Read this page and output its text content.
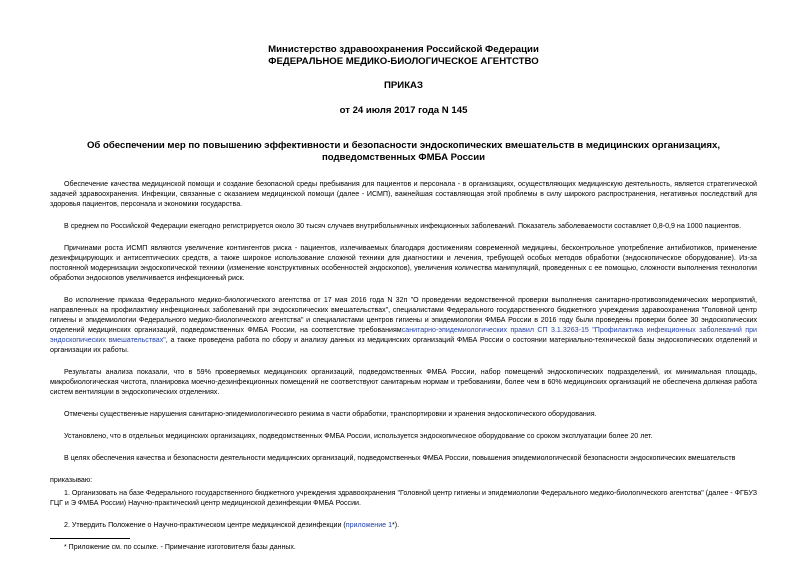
Министерство здравоохранения Российской Федерации
ФЕДЕРАЛЬНОЕ МЕДИКО-БИОЛОГИЧЕСКОЕ АГЕНТСТВО
ПРИКАЗ
от 24 июля 2017 года N 145
Об обеспечении мер по повышению эффективности и безопасности эндоскопических вмешательств в медицинских организациях, подведомственных ФМБА России

Обеспечение качества медицинской помощи и создание безопасной среды пребывания для пациентов и персонала - в организациях, осуществляющих медицинскую деятельность, является стратегической задачей здравоохранения. Инфекции, связанные с оказанием медицинской помощи (далее - ИСМП), важнейшая составляющая этой проблемы в силу широкого распространения, негативных последствий для здоровья пациентов, персонала и экономики государства.

В среднем по Российской Федерации ежегодно регистрируется около 30 тысяч случаев внутрибольничных инфекционных заболеваний. Показатель заболеваемости составляет 0,8-0,9 на 1000 пациентов.

Причинами роста ИСМП являются увеличение контингентов риска - пациентов, излечиваемых благодаря достижениям современной медицины, бесконтрольное употребление антибиотиков, применение дезинфицирующих и антисептических средств, а также широкое использование сложной техники для диагностики и лечения, требующей особых методов обработки (эндоскопическое оборудование). Из-за постоянной модернизации эндоскопической техники (изменение конструктивных особенностей эндоскопов), увеличения количества манипуляций, проведенных с ее помощью, сложности выполнения технологии обработки эндоскопов увеличивается инфекционный риск.

Во исполнение приказа Федерального медико-биологического агентства от 17 мая 2016 года N 32п "О проведении ведомственной проверки выполнения санитарно-противоэпидемических мероприятий, направленных на профилактику инфекционных заболеваний при эндоскопических вмешательствах", специалистами Федерального государственного бюджетного учреждения здравоохранения "Головной центр гигиены и эпидемиологии Федерального медико-биологического агентства" и специалистами центров гигиены и эпидемиологии ФМБА России в 2016 году были проведены проверки более 30 эндоскопических отделений медицинских организаций, подведомственных ФМБА России, на соответствие требованиямсанитарно-эпидемиологических правил СП 3.1.3263-15 "Профилактика инфекционных заболеваний при эндоскопических вмешательствах", а также проведена работа по сбору и анализу данных из медицинских организаций ФМБА России о состоянии материально-технической базы эндоскопических отделений и организации их работы.

Результаты анализа показали, что в 59% проверяемых медицинских организаций, подведомственных ФМБА России, набор помещений эндоскопических подразделений, их минимальная площадь, микробиологическая чистота, планировка моечно-дезинфекционных помещений не соответствуют санитарным нормам и требованиям, более чем в 60% медицинских организаций не обеспечена должная работа систем вентиляции в эндоскопических отделениях.

Отмечены существенные нарушения санитарно-эпидемиологического режима в части обработки, транспортировки и хранения эндоскопического оборудования.

Установлено, что в отдельных медицинских организациях, подведомственных ФМБА России, используется эндоскопическое оборудование со сроком эксплуатации более 20 лет.

В целях обеспечения качества и безопасности деятельности медицинских организаций, подведомственных ФМБА России, повышения эпидемиологической безопасности эндоскопических вмешательств

приказываю:

1. Организовать на базе Федерального государственного бюджетного учреждения здравоохранения "Головной центр гигиены и эпидемиологии Федерального медико-биологического агентства" (далее - ФГБУЗ ГЦГ и Э ФМБА России) Научно-практический центр медицинской дезинфекции ФМБА России.

2. Утвердить Положение о Научно-практическом центре медицинской дезинфекции (приложение 1*).

* Приложение см. по ссылке. - Примечание изготовителя базы данных.
